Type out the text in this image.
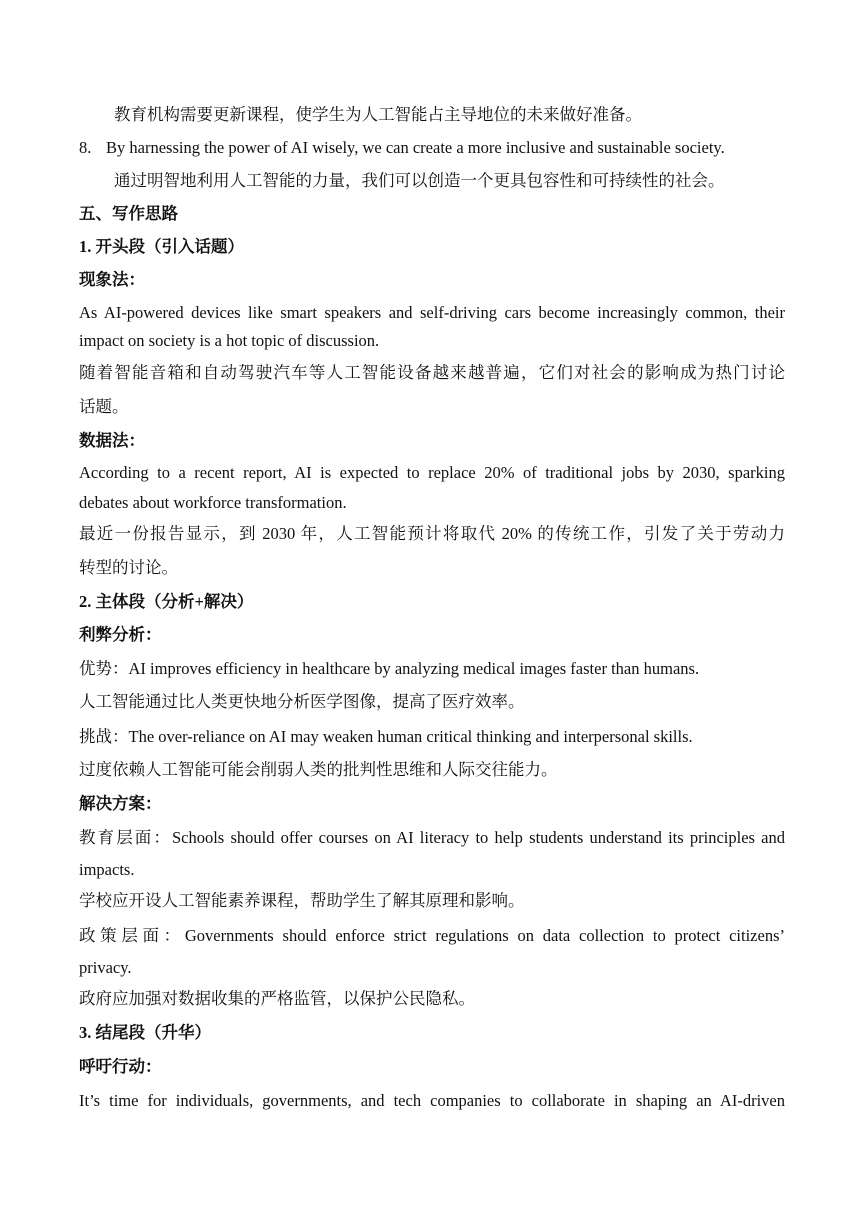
教育机构需要更新课程，使学生为人工智能占主导地位的未来做好准备。
8. By harnessing the power of AI wisely, we can create a more inclusive and sustainable society.
通过明智地利用人工智能的力量，我们可以创造一个更具包容性和可持续性的社会。
五、写作思路
1. 开头段（引入话题）
现象法：
As AI-powered devices like smart speakers and self-driving cars become increasingly common, their
impact on society is a hot topic of discussion.
随着智能音箱和自动驾驶汽车等人工智能设备越来越普遍，它们对社会的影响成为热门讨论
话题。
数据法：
According to a recent report, AI is expected to replace 20% of traditional jobs by 2030, sparking
debates about workforce transformation.
最近一份报告显示，到 2030 年，人工智能预计将取代 20% 的传统工作，引发了关于劳动力
转型的讨论。
2. 主体段（分析+解决）
利弊分析：
优势：AI improves efficiency in healthcare by analyzing medical images faster than humans.
人工智能通过比人类更快地分析医学图像，提高了医疗效率。
挑战：The over-reliance on AI may weaken human critical thinking and interpersonal skills.
过度依赖人工智能可能会削弱人类的批判性思维和人际交往能力。
解决方案：
教育层面：Schools should offer courses on AI literacy to help students understand its principles and
impacts.
学校应开设人工智能素养课程，帮助学生了解其原理和影响。
政策层面：Governments should enforce strict regulations on data collection to protect citizens’
privacy.
政府应加强对数据收集的严格监管，以保护公民隐私。
3. 结尾段（升华）
呼吁行动：
It’s time for individuals, governments, and tech companies to collaborate in shaping an AI-driven
